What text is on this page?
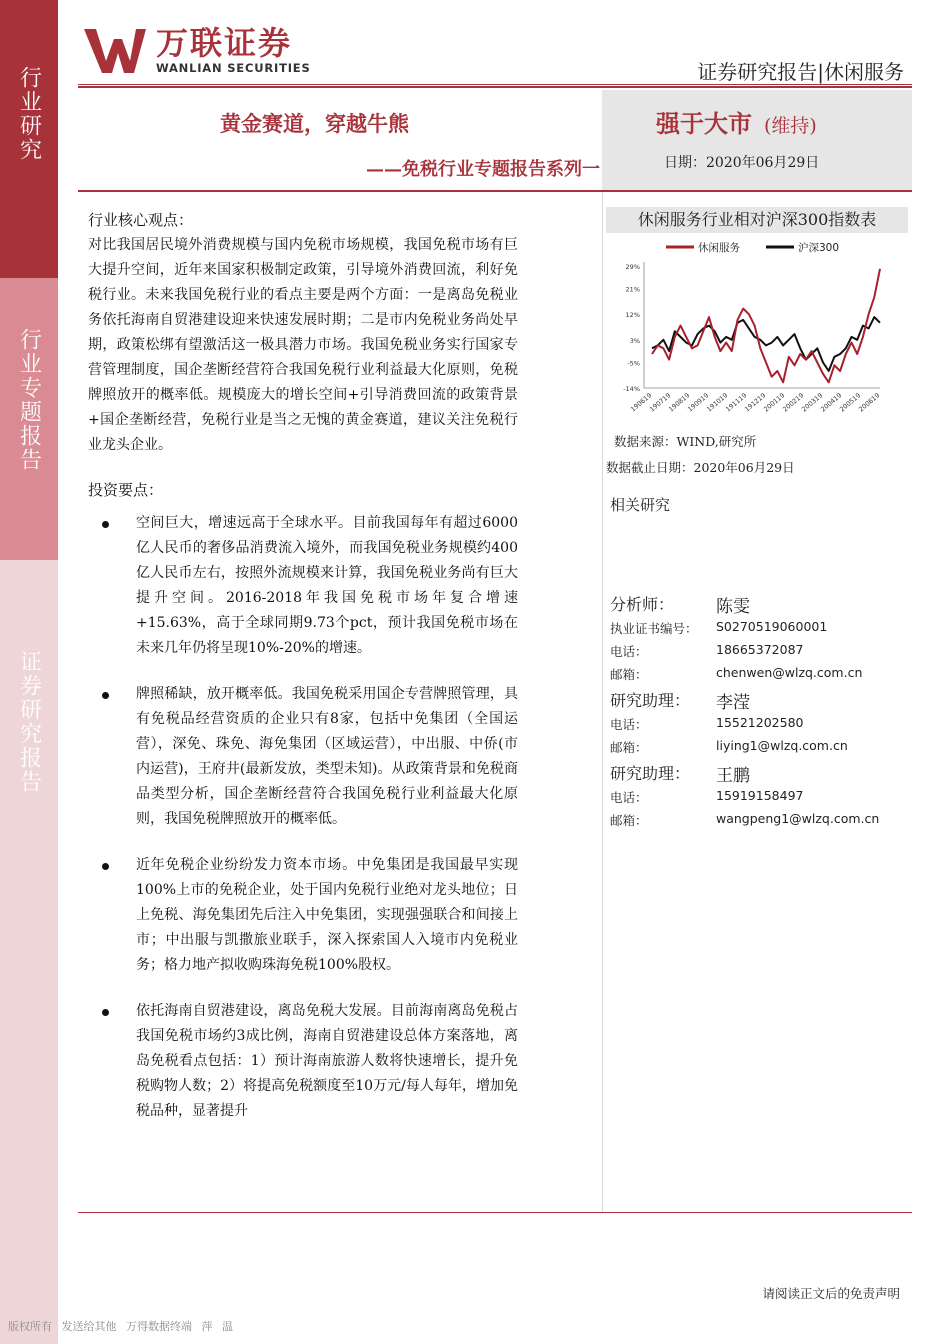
行业研究
行业专题报告
证券研究报告
万联证券
WANLIAN SECURITIES	证券研究报告|休闲服务
黄金赛道，穿越牛熊
——免税行业专题报告系列一
强于大市 (维持)
日期：2020年06月29日
行业核心观点：
对比我国居民境外消费规模与国内免税市场规模，我国免税市场有巨大提升空间，近年来国家积极制定政策，引导境外消费回流，利好免税行业。未来我国免税行业的看点主要是两个方面：一是离岛免税业务依托海南自贸港建设迎来快速发展时期；二是市内免税业务尚处早期，政策松绑有望激活这一极具潜力市场。我国免税业务实行国家专营管理制度，国企垄断经营符合我国免税行业利益最大化原则，免税牌照放开的概率低。规模庞大的增长空间+引导消费回流的政策背景+国企垄断经营，免税行业是当之无愧的黄金赛道，建议关注免税行业龙头企业。
投资要点：
空间巨大，增速远高于全球水平。目前我国每年有超过6000亿人民币的奢侈品消费流入境外，而我国免税业务规模约400亿人民币左右，按照外流规模来计算，我国免税业务尚有巨大提升空间。2016-2018年我国免税市场年复合增速+15.63%，高于全球同期9.73个pct，预计我国免税市场在未来几年仍将呈现10%-20%的增速。
牌照稀缺，放开概率低。我国免税采用国企专营牌照管理，具有免税品经营资质的企业只有8家，包括中免集团（全国运营），深免、珠免、海免集团（区域运营），中出服、中侨(市内运营)，王府井(最新发放，类型未知)。从政策背景和免税商品类型分析，国企垄断经营符合我国免税行业利益最大化原则，我国免税牌照放开的概率低。
近年免税企业纷纷发力资本市场。中免集团是我国最早实现100%上市的免税企业，处于国内免税行业绝对龙头地位；日上免税、海免集团先后注入中免集团，实现强强联合和间接上市；中出服与凯撒旅业联手，深入探索国人入境市内免税业务；格力地产拟收购珠海免税100%股权。
依托海南自贸港建设，离岛免税大发展。目前海南离岛免税占我国免税市场约3成比例，海南自贸港建设总体方案落地，离岛免税看点包括：1）预计海南旅游人数将快速增长，提升免税购物人数；2）将提高免税额度至10万元/每人每年，增加免税品种，显著提升
休闲服务行业相对沪深300指数表
休闲服务	沪深300
29%
21%
12%
3%
-5%
-14%
190619
190719
190819
190919
191019
191119
191219
200119
200219
200319
200419
200519
200619
数据来源：WIND,研究所
数据截止日期：2020年06月29日
相关研究
分析师： 陈雯
执业证书编号： S0270519060001
电话：	18665372087
邮箱：	chenwen@wlzq.com.cn
研究助理： 李滢
电话：	15521202580
邮箱：	liying1@wlzq.com.cn
研究助理： 王鹏
电话：	15919158497
邮箱：	wangpeng1@wlzq.com.cn
请阅读正文后的免责声明
版权所有 发送给其他 万得数据终端 萍 温
